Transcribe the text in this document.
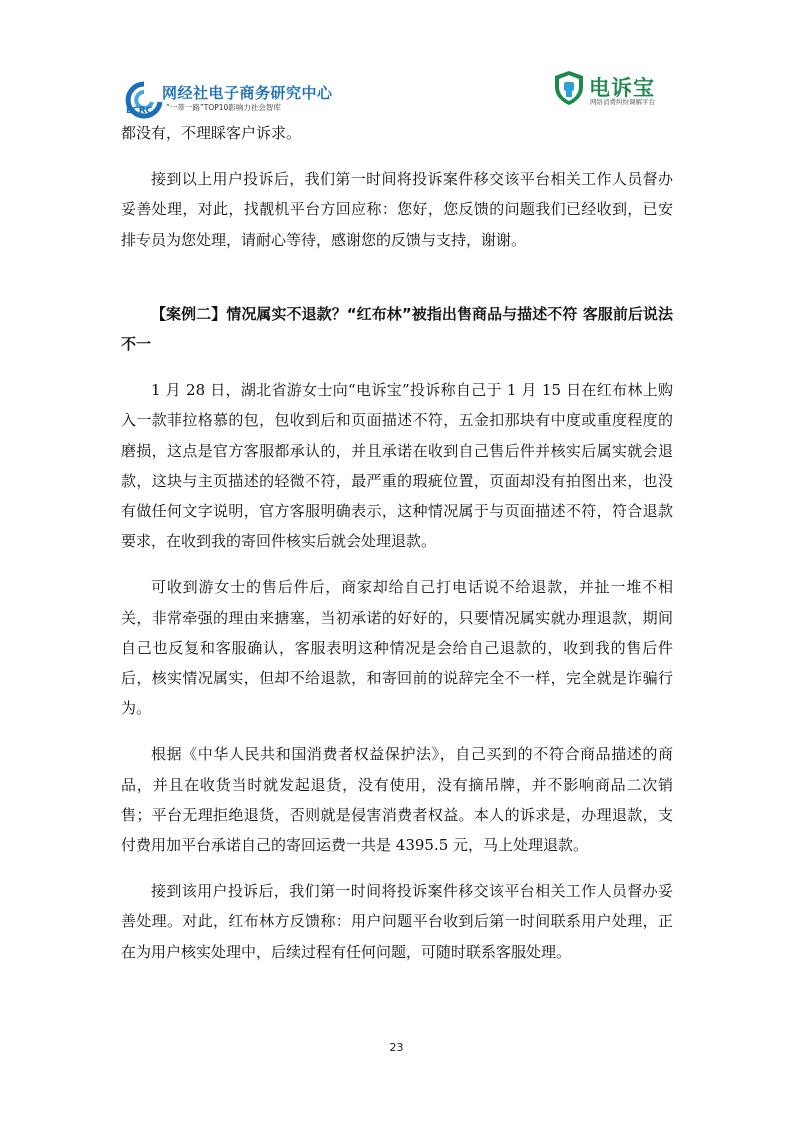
ECRC
网经社电子商务研究中心
“一带一路”TOP10影响力社会智库
电诉宝
网络消费纠纷调解平台

都没有，不理睬客户诉求。

接到以上用户投诉后，我们第一时间将投诉案件移交该平台相关工作人员督办妥善处理，对此，找靓机平台方回应称：您好，您反馈的问题我们已经收到，已安排专员为您处理，请耐心等待，感谢您的反馈与支持，谢谢。

【案例二】情况属实不退款？“红布林”被指出售商品与描述不符 客服前后说法不一

1 月 28 日，湖北省游女士向“电诉宝”投诉称自己于 1 月 15 日在红布林上购入一款菲拉格慕的包，包收到后和页面描述不符，五金扣那块有中度或重度程度的磨损，这点是官方客服都承认的，并且承诺在收到自己售后件并核实后属实就会退款，这块与主页描述的轻微不符，最严重的瑕疵位置，页面却没有拍图出来，也没有做任何文字说明，官方客服明确表示，这种情况属于与页面描述不符，符合退款要求，在收到我的寄回件核实后就会处理退款。

可收到游女士的售后件后，商家却给自己打电话说不给退款，并扯一堆不相关，非常牵强的理由来搪塞，当初承诺的好好的，只要情况属实就办理退款，期间自己也反复和客服确认，客服表明这种情况是会给自己退款的，收到我的售后件后，核实情况属实，但却不给退款，和寄回前的说辞完全不一样，完全就是诈骗行为。

根据《中华人民共和国消费者权益保护法》，自己买到的不符合商品描述的商品，并且在收货当时就发起退货，没有使用，没有摘吊牌，并不影响商品二次销售；平台无理拒绝退货，否则就是侵害消费者权益。本人的诉求是，办理退款，支付费用加平台承诺自己的寄回运费一共是 4395.5 元，马上处理退款。

接到该用户投诉后，我们第一时间将投诉案件移交该平台相关工作人员督办妥善处理。对此，红布林方反馈称：用户问题平台收到后第一时间联系用户处理，正在为用户核实处理中，后续过程有任何问题，可随时联系客服处理。

23
